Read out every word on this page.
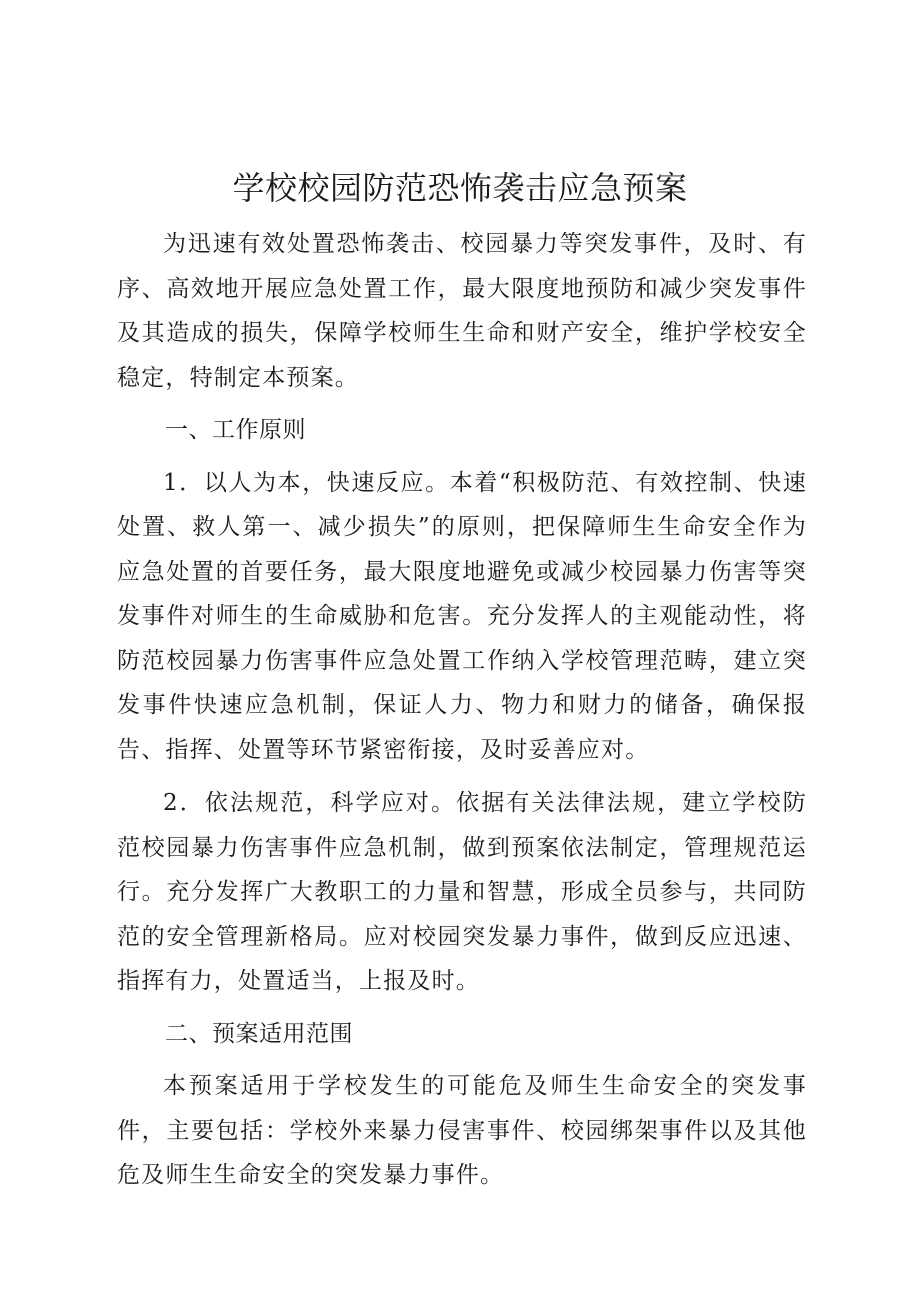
学校校园防范恐怖袭击应急预案

为迅速有效处置恐怖袭击、校园暴力等突发事件，及时、有序、高效地开展应急处置工作，最大限度地预防和减少突发事件及其造成的损失，保障学校师生生命和财产安全，维护学校安全稳定，特制定本预案。

一、工作原则

1．以人为本，快速反应。本着“积极防范、有效控制、快速处置、救人第一、减少损失”的原则，把保障师生生命安全作为应急处置的首要任务，最大限度地避免或减少校园暴力伤害等突发事件对师生的生命威胁和危害。充分发挥人的主观能动性，将防范校园暴力伤害事件应急处置工作纳入学校管理范畴，建立突发事件快速应急机制，保证人力、物力和财力的储备，确保报告、指挥、处置等环节紧密衔接，及时妥善应对。

2．依法规范，科学应对。依据有关法律法规，建立学校防范校园暴力伤害事件应急机制，做到预案依法制定，管理规范运行。充分发挥广大教职工的力量和智慧，形成全员参与，共同防范的安全管理新格局。应对校园突发暴力事件，做到反应迅速、指挥有力，处置适当，上报及时。

二、预案适用范围

本预案适用于学校发生的可能危及师生生命安全的突发事件，主要包括：学校外来暴力侵害事件、校园绑架事件以及其他危及师生生命安全的突发暴力事件。
